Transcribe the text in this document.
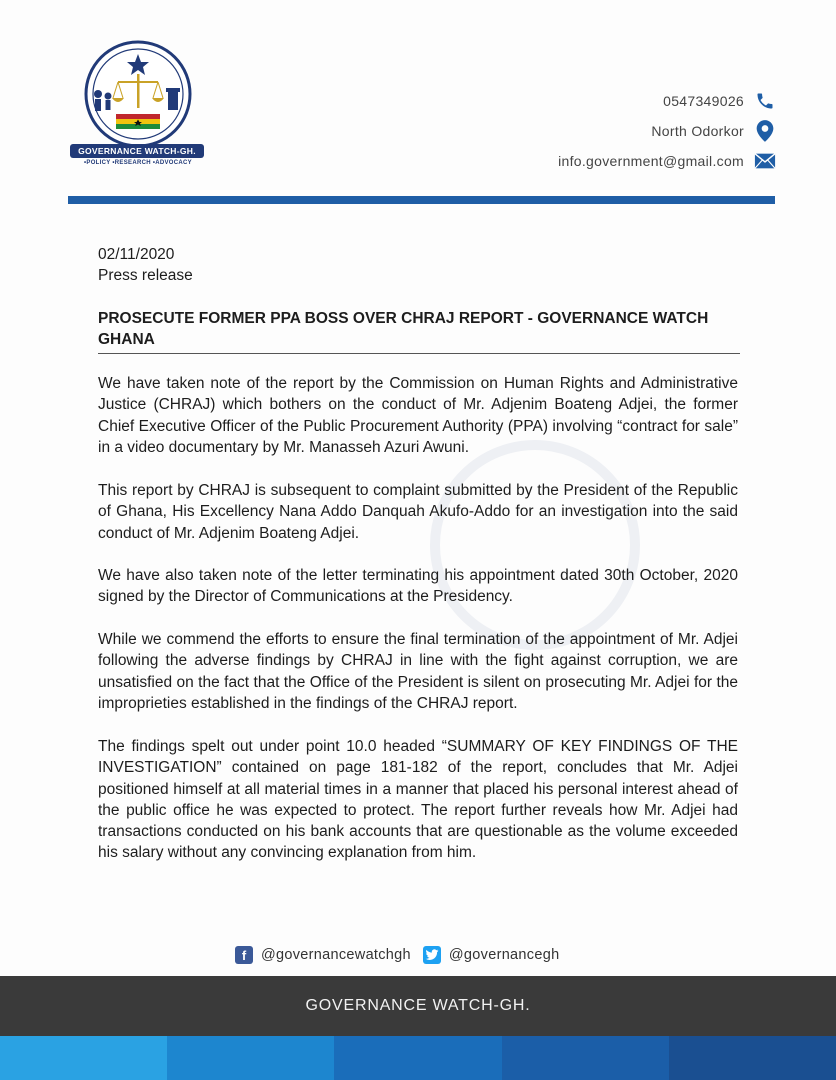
GOVERNANCE WATCH-GH.
•POLICY •RESEARCH •ADVOCACY
0547349026
North Odorkor
info.government@gmail.com
02/11/2020
Press release
PROSECUTE FORMER PPA BOSS OVER CHRAJ REPORT - GOVERNANCE WATCH GHANA

We have taken note of the report by the Commission on Human Rights and Administrative Justice (CHRAJ) which bothers on the conduct of Mr. Adjenim Boateng Adjei, the former Chief Executive Officer of the Public Procurement Authority (PPA) involving “contract for sale” in a video documentary by Mr. Manasseh Azuri Awuni.

This report by CHRAJ is subsequent to complaint submitted by the President of the Republic of Ghana, His Excellency Nana Addo Danquah Akufo-Addo for an investigation into the said conduct of Mr. Adjenim Boateng Adjei.

We have also taken note of the letter terminating his appointment dated 30th October, 2020 signed by the Director of Communications at the Presidency.

While we commend the efforts to ensure the final termination of the appointment of Mr. Adjei following the adverse findings by CHRAJ in line with the fight against corruption, we are unsatisfied on the fact that the Office of the President is silent on prosecuting Mr. Adjei for the improprieties established in the findings of the CHRAJ report.

The findings spelt out under point 10.0 headed “SUMMARY OF KEY FINDINGS OF THE INVESTIGATION” contained on page 181-182 of the report, concludes that Mr. Adjei positioned himself at all material times in a manner that placed his personal interest ahead of the public office he was expected to protect. The report further reveals how Mr. Adjei had transactions conducted on his bank accounts that are questionable as the volume exceeded his salary without any convincing explanation from him.

f	@governancewatchgh	@governancegh
GOVERNANCE WATCH-GH.
